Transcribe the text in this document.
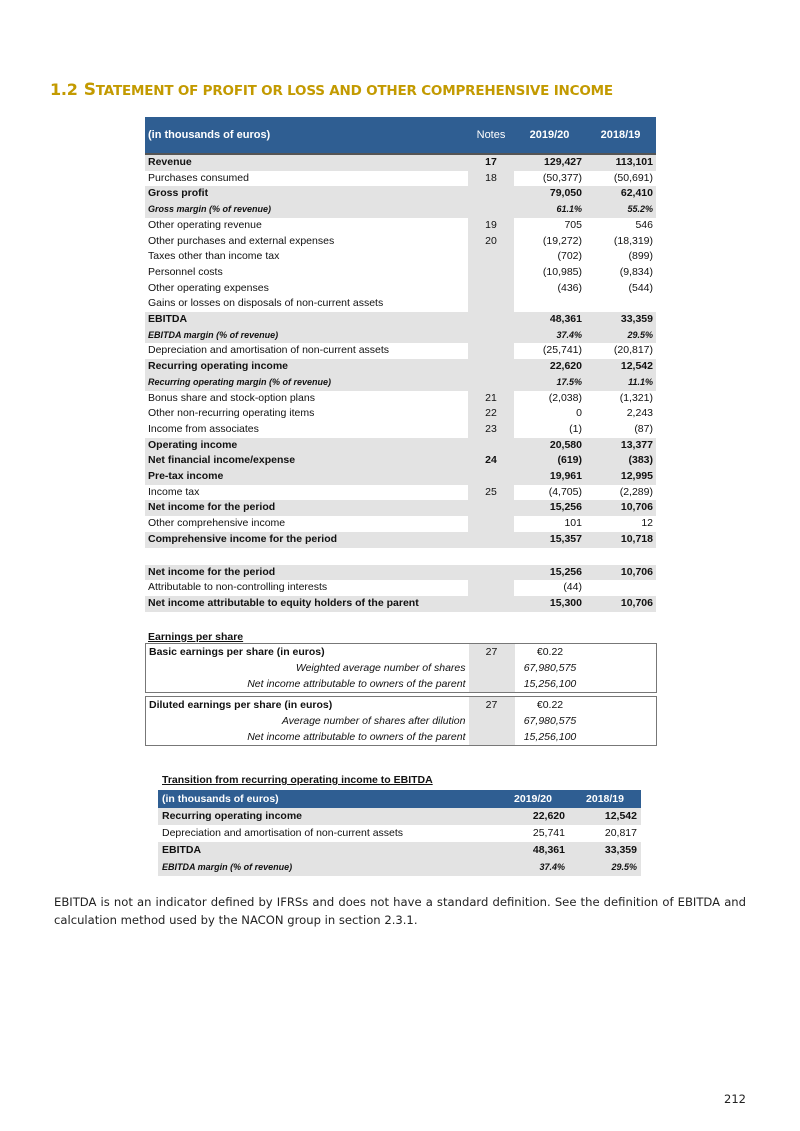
1.2 STATEMENT OF PROFIT OR LOSS AND OTHER COMPREHENSIVE INCOME
(in thousands of euros)	Notes	2019/20	2018/19
Revenue	17	129,427	113,101
Purchases consumed	18	(50,377)	(50,691)
Gross profit		79,050	62,410
Gross margin (% of revenue)		61.1%	55.2%
Other operating revenue	19	705	546
Other purchases and external expenses	20	(19,272)	(18,319)
Taxes other than income tax		(702)	(899)
Personnel costs		(10,985)	(9,834)
Other operating expenses		(436)	(544)
Gains or losses on disposals of non-current assets			
EBITDA		48,361	33,359
EBITDA margin (% of revenue)		37.4%	29.5%
Depreciation and amortisation of non-current assets		(25,741)	(20,817)
Recurring operating income		22,620	12,542
Recurring operating margin (% of revenue)		17.5%	11.1%
Bonus share and stock-option plans	21	(2,038)	(1,321)
Other non-recurring operating items	22	0	2,243
Income from associates	23	(1)	(87)
Operating income		20,580	13,377
Net financial income/expense	24	(619)	(383)
Pre-tax income		19,961	12,995
Income tax	25	(4,705)	(2,289)
Net income for the period		15,256	10,706
Other comprehensive income		101	12
Comprehensive income for the period		15,357	10,718

Net income for the period		15,256	10,706
Attributable to non-controlling interests		(44)	
Net income attributable to equity holders of the parent		15,300	10,706
Earnings per share
Basic earnings per share (in euros)	27	€0.22	
Weighted average number of shares		67,980,575	
Net income attributable to owners of the parent		15,256,100	
Diluted earnings per share (in euros)	27	€0.22	
Average number of shares after dilution		67,980,575	
Net income attributable to owners of the parent		15,256,100	
Transition from recurring operating income to EBITDA
(in thousands of euros)	2019/20	2018/19
Recurring operating income	22,620	12,542
Depreciation and amortisation of non-current assets	25,741	20,817
EBITDA	48,361	33,359
EBITDA margin (% of revenue)	37.4%	29.5%
EBITDA is not an indicator defined by IFRSs and does not have a standard definition. See the definition of EBITDA and calculation method used by the NACON group in section 2.3.1.
212
